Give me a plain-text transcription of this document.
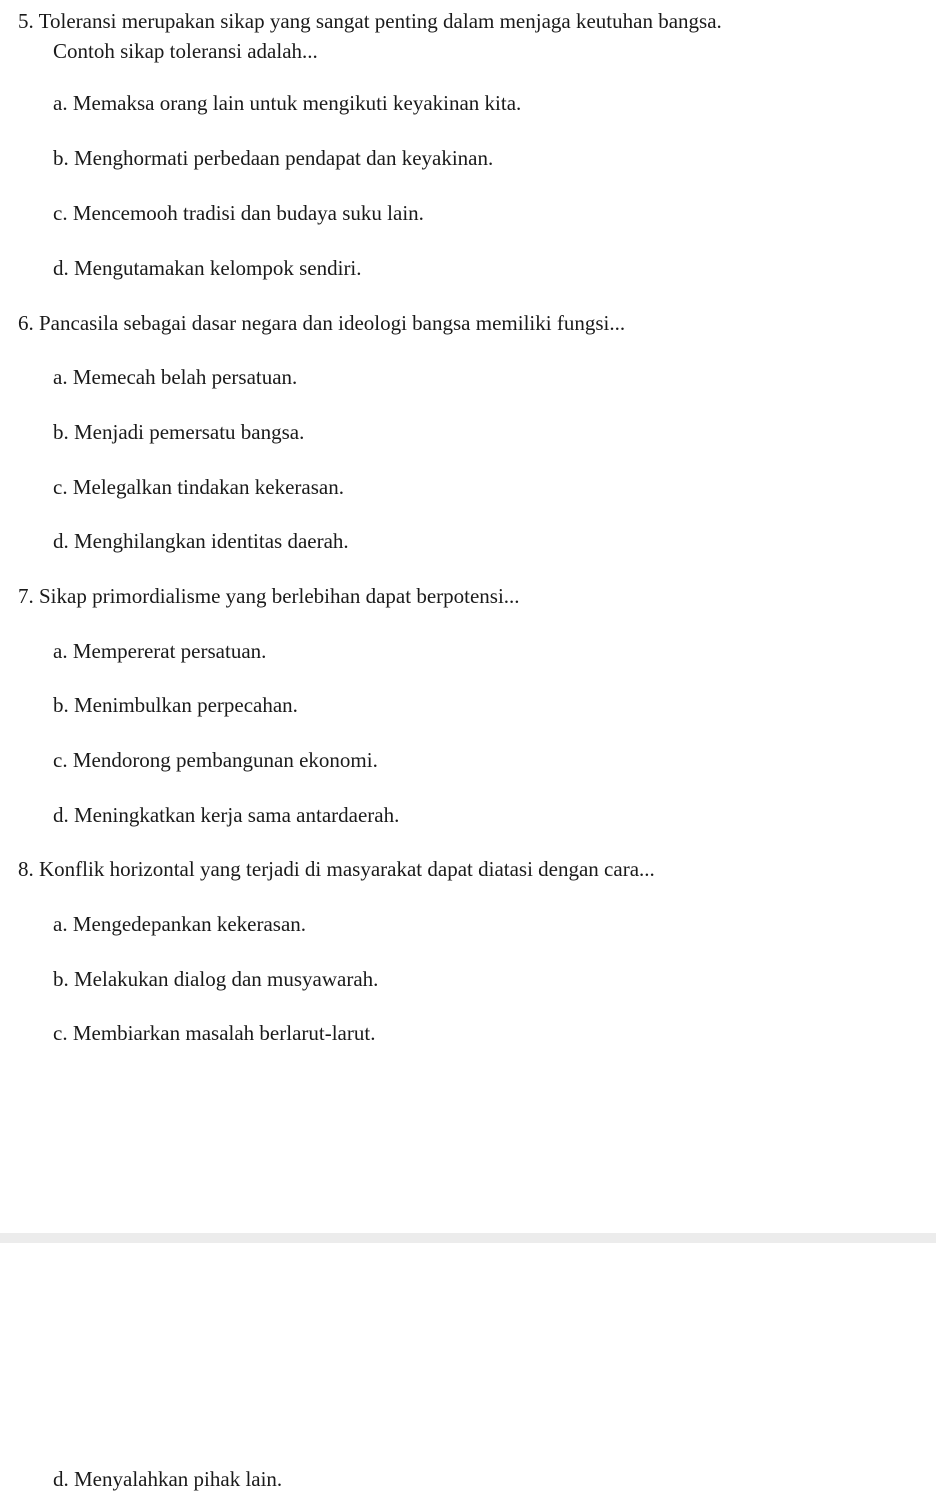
5. Toleransi merupakan sikap yang sangat penting dalam menjaga keutuhan bangsa.
Contoh sikap toleransi adalah...
a. Memaksa orang lain untuk mengikuti keyakinan kita.
b. Menghormati perbedaan pendapat dan keyakinan.
c. Mencemooh tradisi dan budaya suku lain.
d. Mengutamakan kelompok sendiri.
6. Pancasila sebagai dasar negara dan ideologi bangsa memiliki fungsi...
a. Memecah belah persatuan.
b. Menjadi pemersatu bangsa.
c. Melegalkan tindakan kekerasan.
d. Menghilangkan identitas daerah.
7. Sikap primordialisme yang berlebihan dapat berpotensi...
a. Mempererat persatuan.
b. Menimbulkan perpecahan.
c. Mendorong pembangunan ekonomi.
d. Meningkatkan kerja sama antardaerah.
8. Konflik horizontal yang terjadi di masyarakat dapat diatasi dengan cara...
a. Mengedepankan kekerasan.
b. Melakukan dialog dan musyawarah.
c. Membiarkan masalah berlarut-larut.
d. Menyalahkan pihak lain.
